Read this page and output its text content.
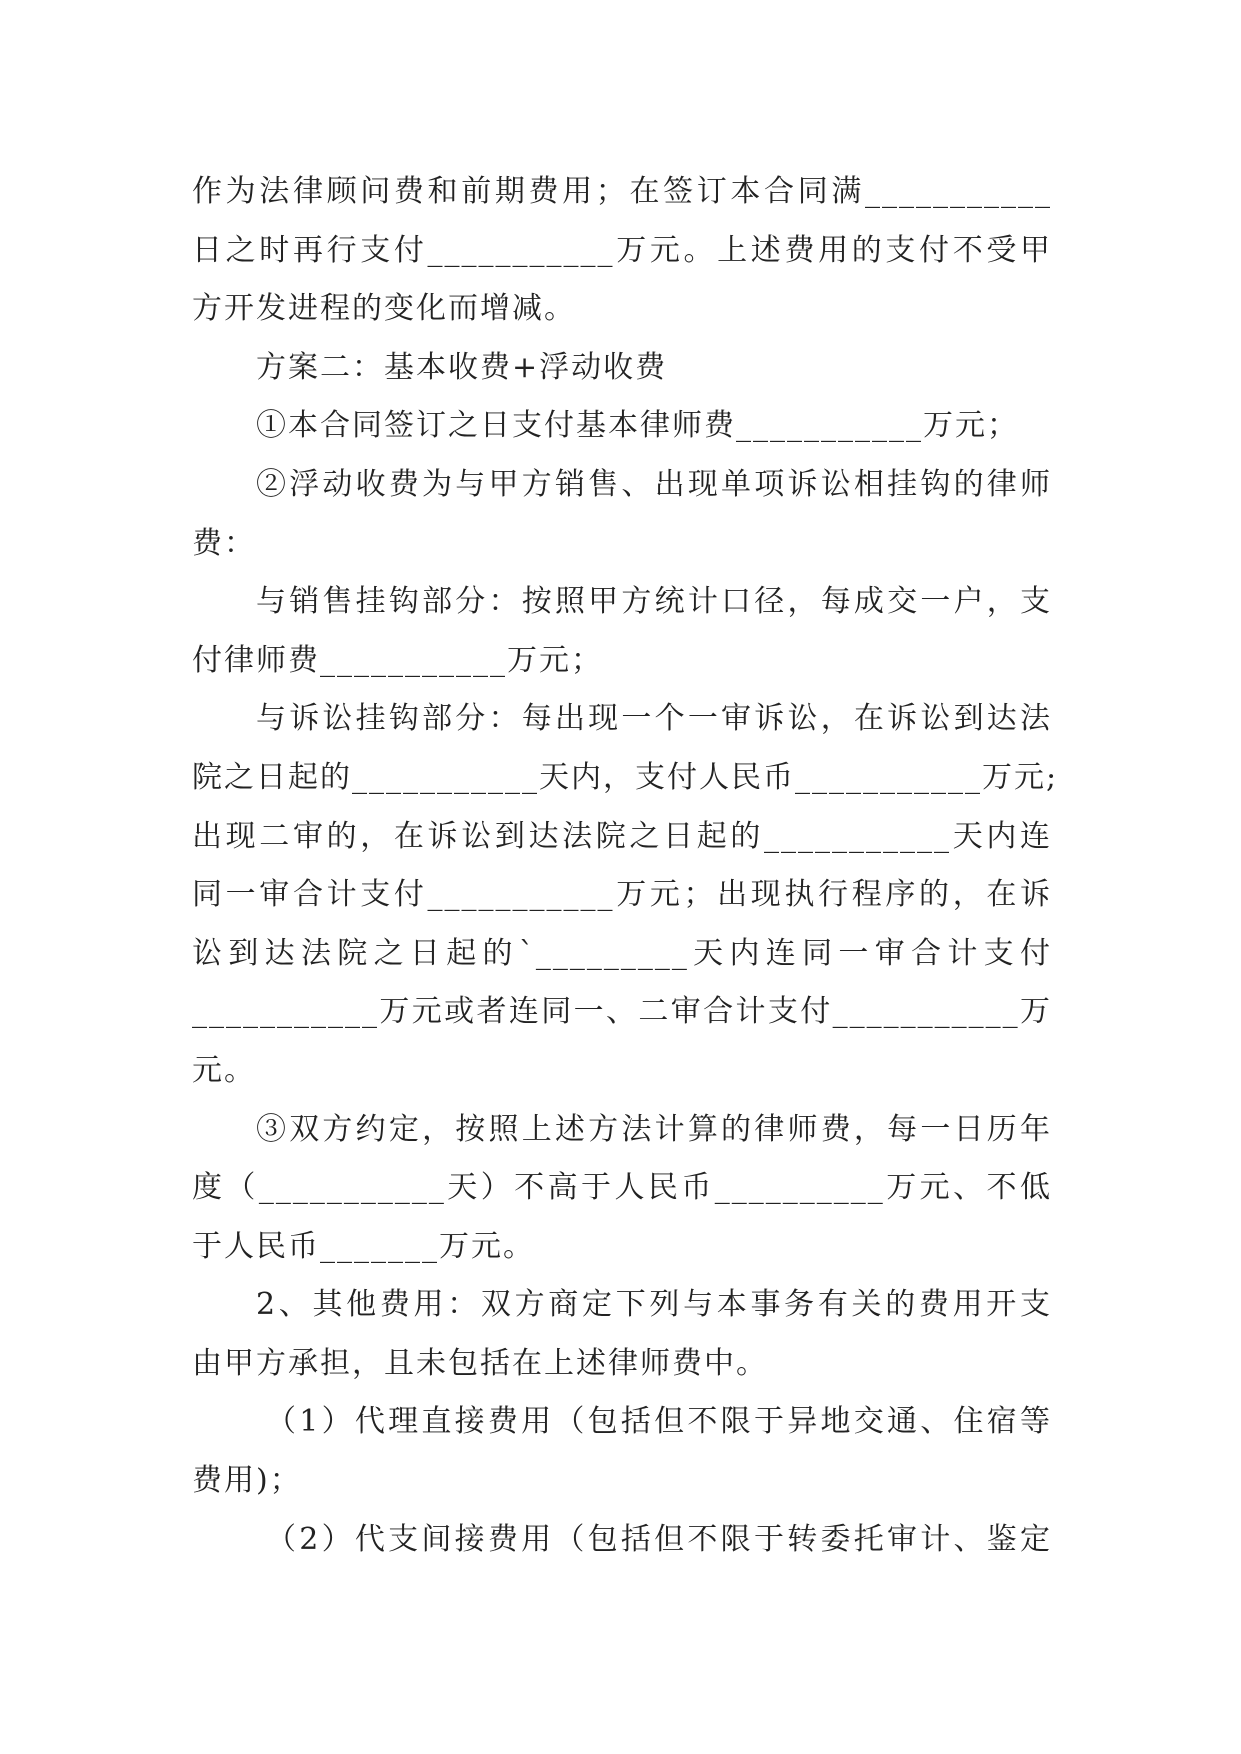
作为法律顾问费和前期费用；在签订本合同满___________
日之时再行支付___________万元。上述费用的支付不受甲
方开发进程的变化而增减。
方案二：基本收费+浮动收费
①本合同签订之日支付基本律师费___________万元；
②浮动收费为与甲方销售、出现单项诉讼相挂钩的律师
费：
与销售挂钩部分：按照甲方统计口径，每成交一户，支
付律师费___________万元；
与诉讼挂钩部分：每出现一个一审诉讼，在诉讼到达法
院之日起的___________天内，支付人民币___________万元;
出现二审的，在诉讼到达法院之日起的___________天内连
同一审合计支付___________万元；出现执行程序的，在诉
讼到达法院之日起的`_________天内连同一审合计支付
___________万元或者连同一、二审合计支付___________万
元。
③双方约定，按照上述方法计算的律师费，每一日历年
度（___________天）不高于人民币__________万元、不低
于人民币_______万元。
2、其他费用：双方商定下列与本事务有关的费用开支
由甲方承担，且未包括在上述律师费中。
（1）代理直接费用（包括但不限于异地交通、住宿等
费用)；
（2）代支间接费用（包括但不限于转委托审计、鉴定
